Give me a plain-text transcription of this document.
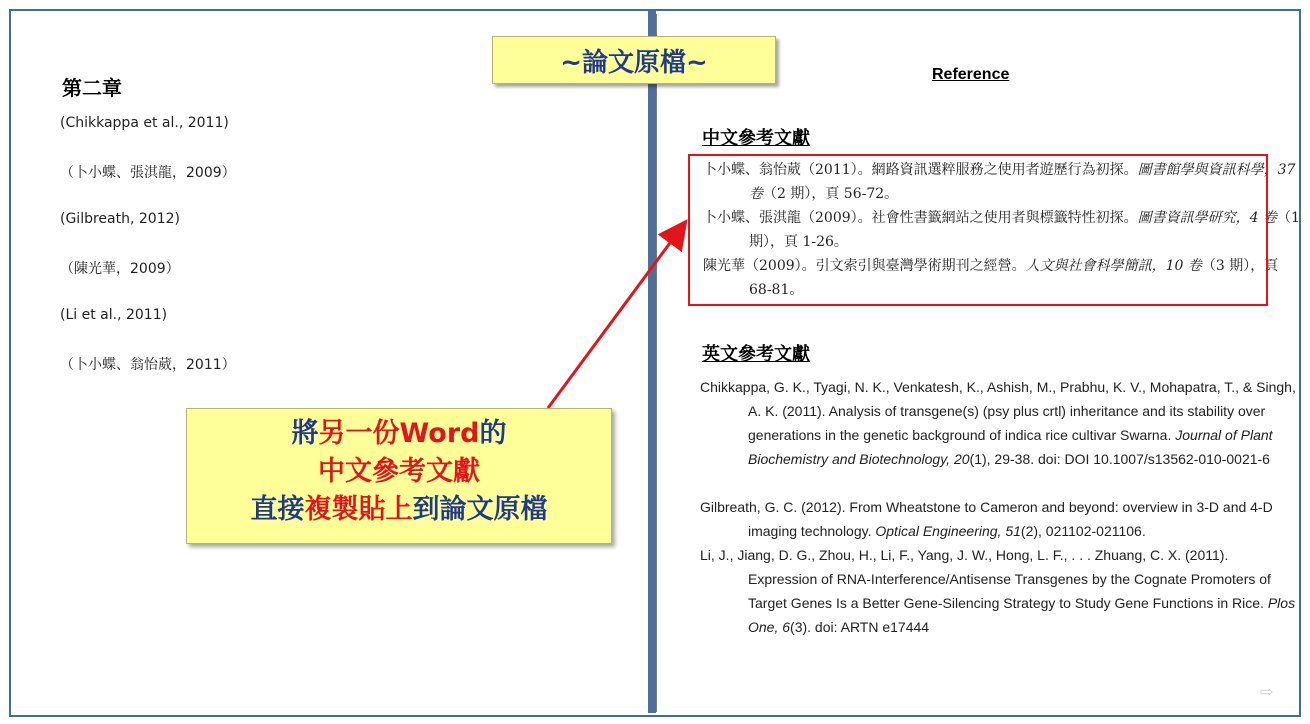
第二章
(Chikkappa et al., 2011)
（卜小蝶、張淇龍，2009）
(Gilbreath, 2012)
（陳光華，2009）
(Li et al., 2011)
（卜小蝶、翁怡葳，2011）
Reference
中文參考文獻
卜小蝶、翁怡葳（2011）。網路資訊選粹服務之使用者遊歷行為初探。圖書館學與資訊科學，37 卷（2 期），頁 56-72。
卜小蝶、張淇龍（2009）。社會性書籤網站之使用者與標籤特性初探。圖書資訊學研究，4 卷（1 期），頁 1-26。
陳光華（2009）。引文索引與臺灣學術期刊之經營。人文與社會科學簡訊，10 卷（3 期），頁 68-81。
英文參考文獻
Chikkappa, G. K., Tyagi, N. K., Venkatesh, K., Ashish, M., Prabhu, K. V., Mohapatra, T., & Singh, A. K. (2011). Analysis of transgene(s) (psy plus crtl) inheritance and its stability over generations in the genetic background of indica rice cultivar Swarna. Journal of Plant Biochemistry and Biotechnology, 20(1), 29-38. doi: DOI 10.1007/s13562-010-0021-6
Gilbreath, G. C. (2012). From Wheatstone to Cameron and beyond: overview in 3-D and 4-D imaging technology. Optical Engineering, 51(2), 021102-021106.
Li, J., Jiang, D. G., Zhou, H., Li, F., Yang, J. W., Hong, L. F., . . . Zhuang, C. X. (2011). Expression of RNA-Interference/Antisense Transgenes by the Cognate Promoters of Target Genes Is a Better Gene-Silencing Strategy to Study Gene Functions in Rice. Plos One, 6(3). doi: ARTN e17444
~論文原檔~
將另一份Word的
中文參考文獻
直接複製貼上到論文原檔
⇨
